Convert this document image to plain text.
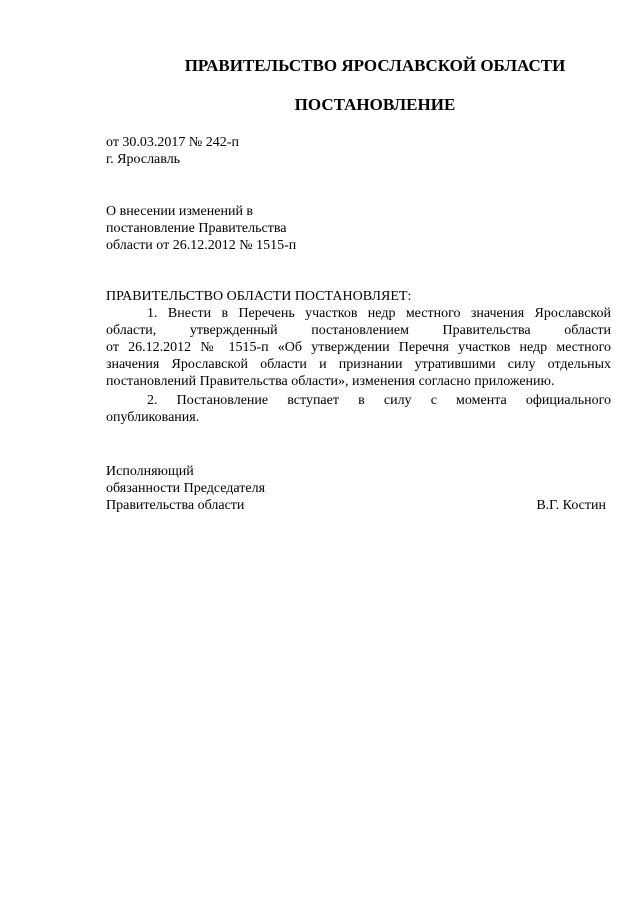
ПРАВИТЕЛЬСТВО ЯРОСЛАВСКОЙ ОБЛАСТИ
ПОСТАНОВЛЕНИЕ
от 30.03.2017 № 242-п
г. Ярославль
О внесении изменений в
постановление Правительства
области от 26.12.2012 № 1515-п
ПРАВИТЕЛЬСТВО ОБЛАСТИ ПОСТАНОВЛЯЕТ:
1. Внести в Перечень участков недр местного значения Ярославской
области, утвержденный постановлением Правительства области
от 26.12.2012 № 1515-п «Об утверждении Перечня участков недр местного
значения Ярославской области и признании утратившими силу отдельных
постановлений Правительства области», изменения согласно приложению.
2. Постановление вступает в силу с момента официального
опубликования.
Исполняющий
обязанности Председателя
Правительства области	В.Г. Костин
